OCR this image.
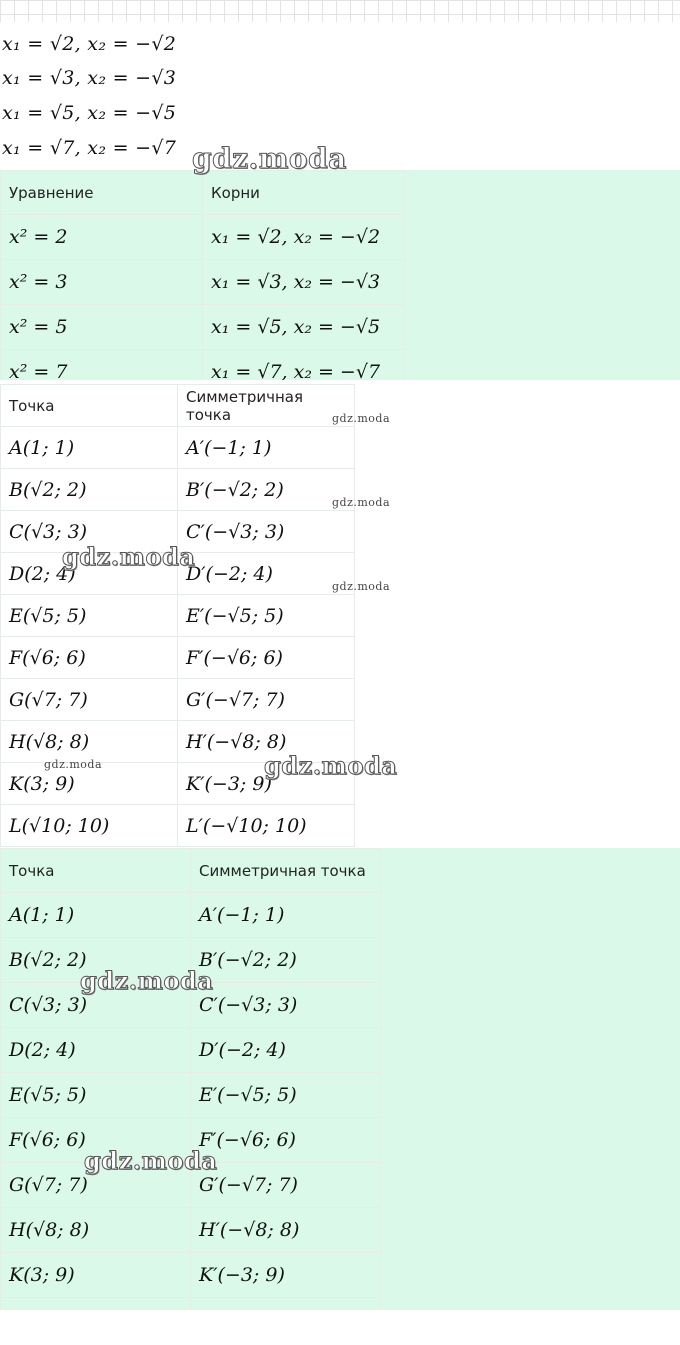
x₁ = √2, x₂ = −√2
x₁ = √3, x₂ = −√3
x₁ = √5, x₂ = −√5
x₁ = √7, x₂ = −√7
Уравнение	Корни
x² = 2	x₁ = √2, x₂ = −√2
x² = 3	x₁ = √3, x₂ = −√3
x² = 5	x₁ = √5, x₂ = −√5
x² = 7	x₁ = √7, x₂ = −√7
Точка	Симметричная точка
A(1; 1)	A′(−1; 1)
B(√2; 2)	B′(−√2; 2)
C(√3; 3)	C′(−√3; 3)
D(2; 4)	D′(−2; 4)
E(√5; 5)	E′(−√5; 5)
F(√6; 6)	F′(−√6; 6)
G(√7; 7)	G′(−√7; 7)
H(√8; 8)	H′(−√8; 8)
K(3; 9)	K′(−3; 9)
L(√10; 10)	L′(−√10; 10)
Точка	Симметричная точка
A(1; 1)	A′(−1; 1)
B(√2; 2)	B′(−√2; 2)
C(√3; 3)	C′(−√3; 3)
D(2; 4)	D′(−2; 4)
E(√5; 5)	E′(−√5; 5)
F(√6; 6)	F′(−√6; 6)
G(√7; 7)	G′(−√7; 7)
H(√8; 8)	H′(−√8; 8)
K(3; 9)	K′(−3; 9)

gdz.moda
gdz.moda
gdz.moda
gdz.moda
gdz.moda
gdz.moda	gdz.moda
gdz.moda
gdz.moda
